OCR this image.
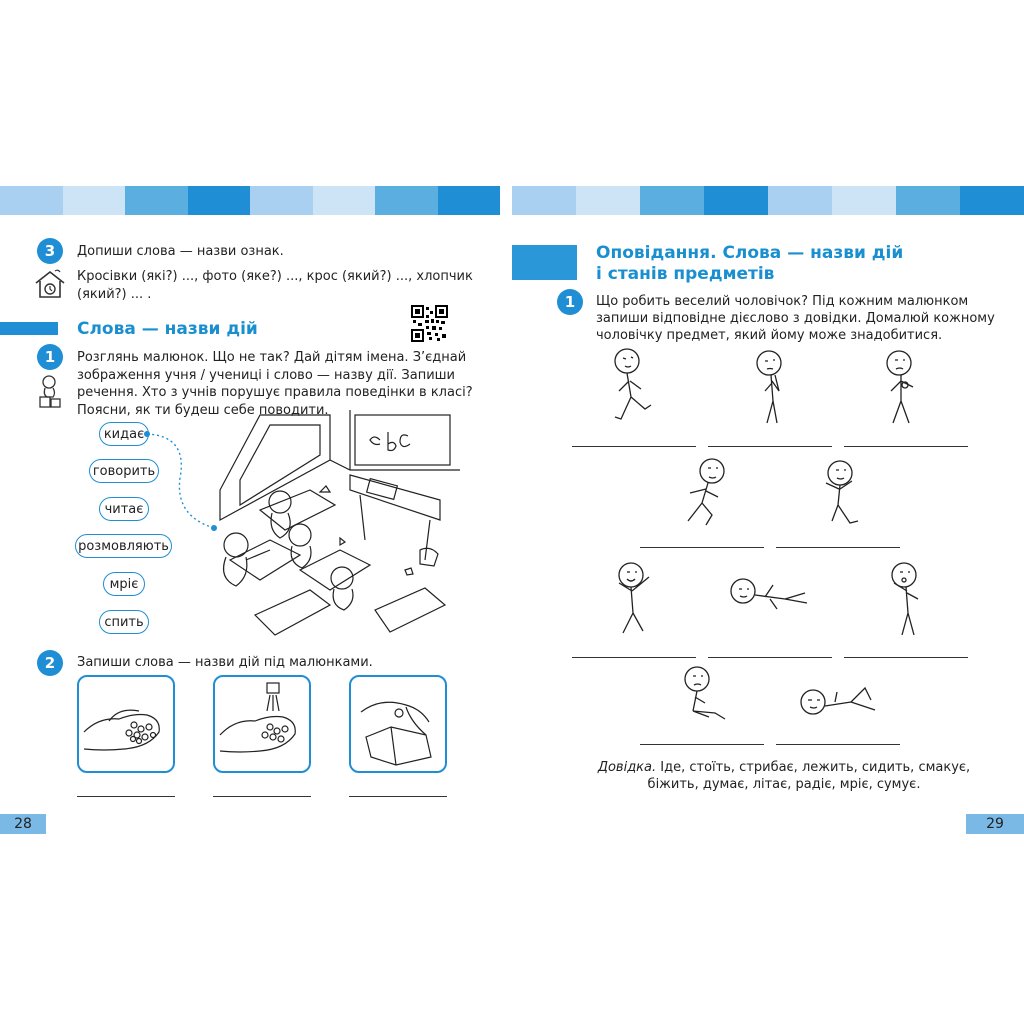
3	Допиши слова — назви ознак.
Кросівки (які?) ..., фото (яке?) ..., крос (який?) ..., хлопчик
(який?) ... .
Слова — назви дій
1	Розглянь малюнок. Що не так? Дай дітям імена. З’єднай
зображення учня / учениці і слово — назву дії. Запиши
речення. Хто з учнів порушує правила поведінки в класі?
Поясни, як ти будеш себе поводити.
кидає
говорить
читає
розмовляють
мріє
спить
2	Запиши слова — назви дій під малюнками.
28
Оповідання. Слова — назви дій
і станів предметів
1	Що робить веселий чоловічок? Під кожним малюнком
запиши відповідне дієслово з довідки. Домалюй кожному
чоловічку предмет, який йому може знадобитися.
Довідка. Іде, стоїть, стрибає, лежить, сидить, смакує,
біжить, думає, літає, радіє, мріє, сумує.
29
